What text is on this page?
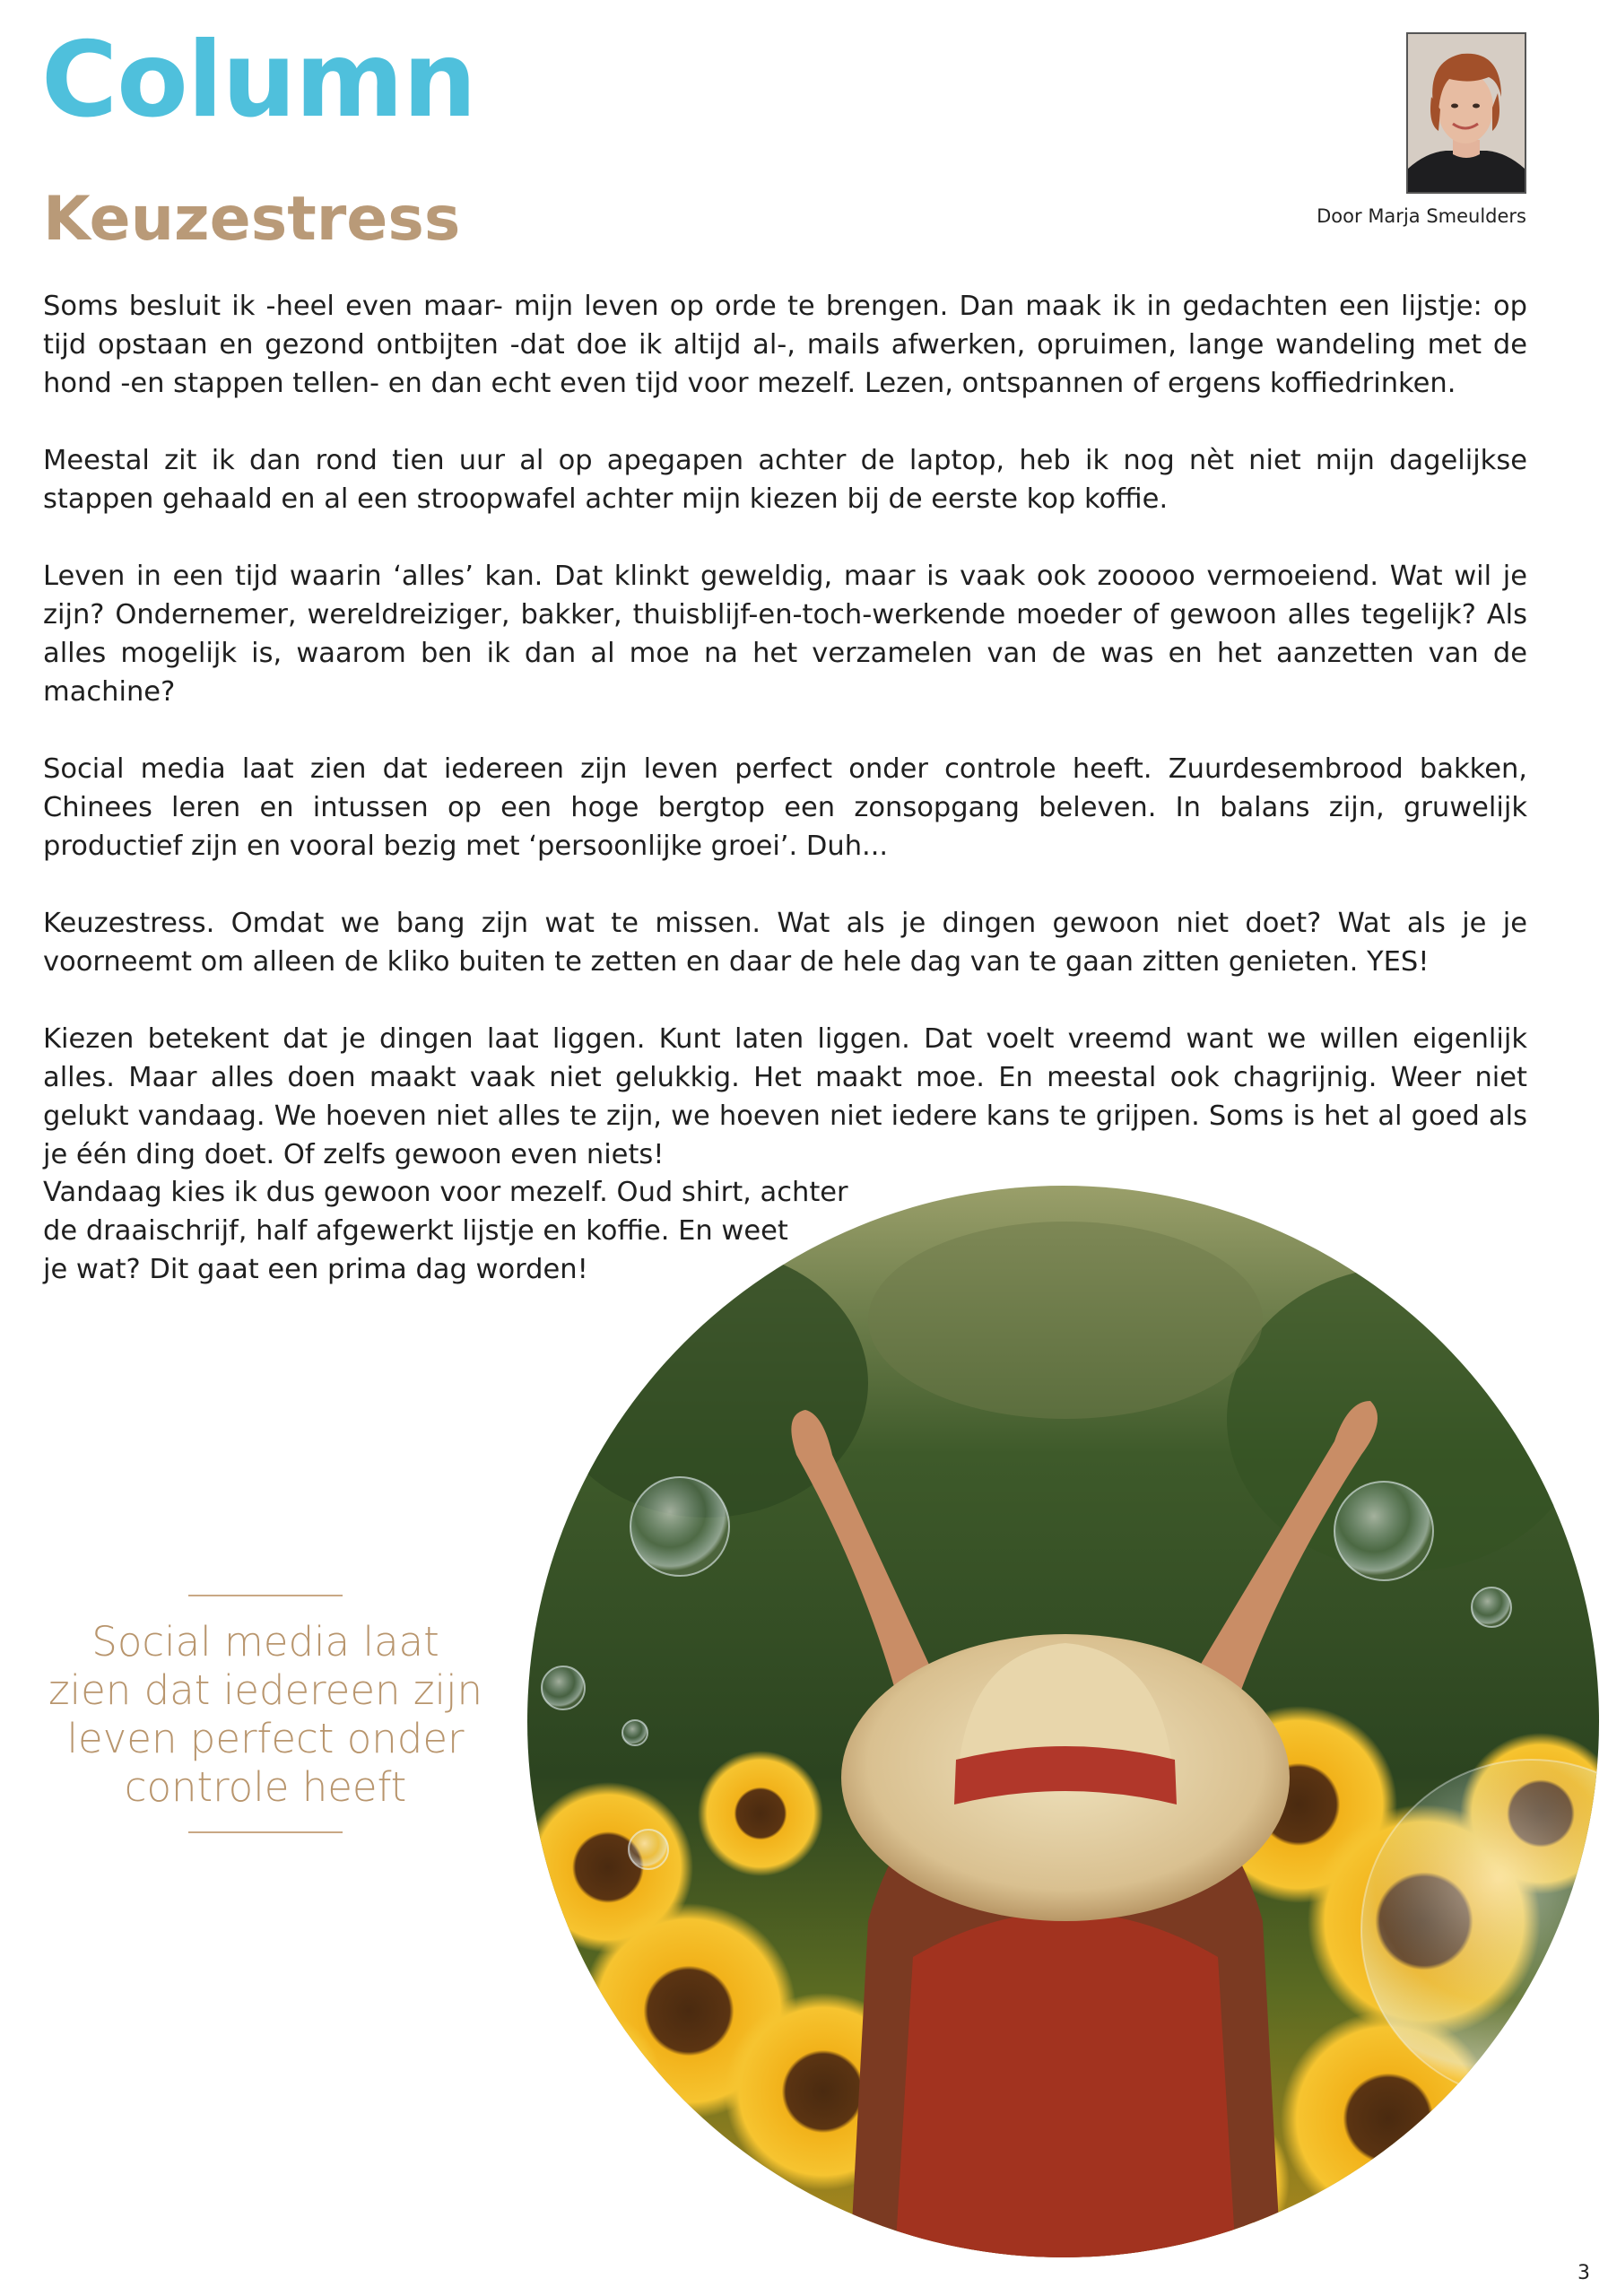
Column
Keuzestress	Door Marja Smeulders

Soms besluit ik -heel even maar- mijn leven op orde te brengen. Dan maak ik in gedachten een lijstje: op tijd opstaan en gezond ontbijten -dat doe ik altijd al-, mails afwerken, opruimen, lange wandeling met de hond -en stappen tellen- en dan echt even tijd voor mezelf. Lezen, ontspannen of ergens koffiedrinken.

Meestal zit ik dan rond tien uur al op apegapen achter de laptop, heb ik nog nèt niet mijn dagelijkse stappen gehaald en al een stroopwafel achter mijn kiezen bij de eerste kop koffie.

Leven in een tijd waarin ‘alles’ kan. Dat klinkt geweldig, maar is vaak ook zooooo vermoeiend. Wat wil je zijn? Ondernemer, wereldreiziger, bakker, thuisblijf-en-toch-werkende moeder of gewoon alles tegelijk? Als alles mogelijk is, waarom ben ik dan al moe na het verzamelen van de was en het aanzetten van de machine?

Social media laat zien dat iedereen zijn leven perfect onder controle heeft. Zuurdesembrood bakken, Chinees leren en intussen op een hoge bergtop een zonsopgang beleven. In balans zijn, gruwelijk productief zijn en vooral bezig met ‘persoonlijke groei’. Duh...

Keuzestress. Omdat we bang zijn wat te missen. Wat als je dingen gewoon niet doet? Wat als je je voorneemt om alleen de kliko buiten te zetten en daar de hele dag van te gaan zitten genieten. YES!

Kiezen betekent dat je dingen laat liggen. Kunt laten liggen. Dat voelt vreemd want we willen eigenlijk alles. Maar alles doen maakt vaak niet gelukkig. Het maakt moe. En meestal ook chagrijnig. Weer niet gelukt vandaag. We hoeven niet alles te zijn, we hoeven niet iedere kans te grijpen. Soms is het al goed als je één ding doet. Of zelfs gewoon even niets!

Vandaag kies ik dus gewoon voor mezelf. Oud shirt, achter
de draaischrijf, half afgewerkt lijstje en koffie. En weet
je wat? Dit gaat een prima dag worden!

Social media laat
zien dat iedereen zijn
leven perfect onder
controle heeft

3
